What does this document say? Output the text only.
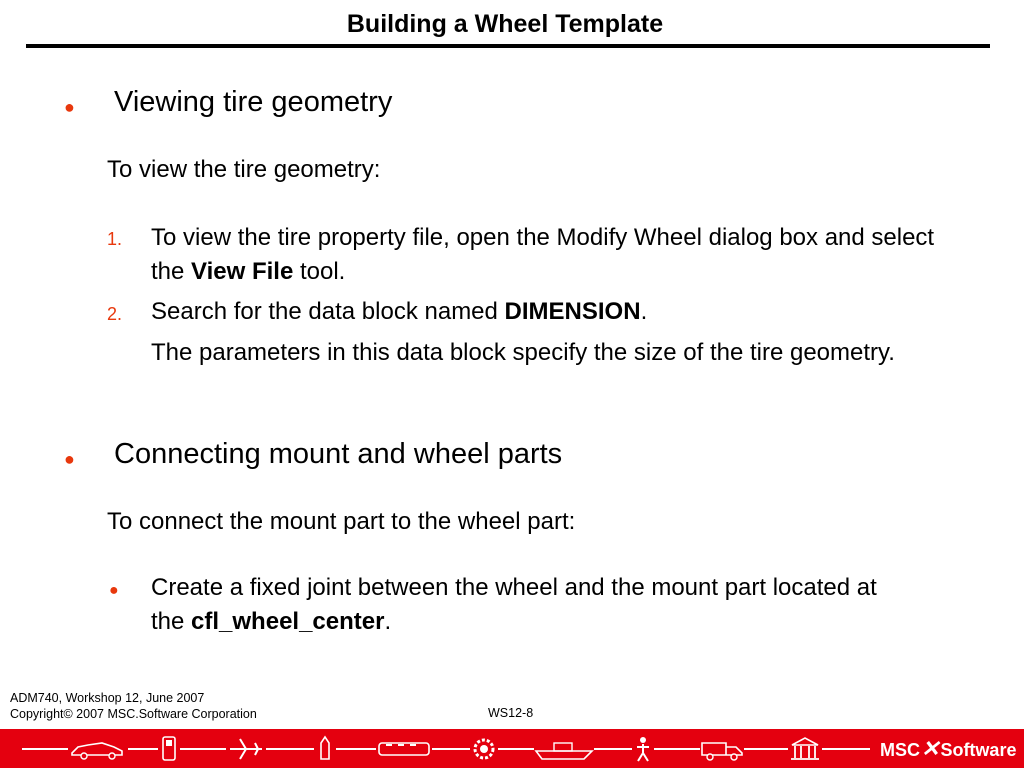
Building a Wheel Template
● Viewing tire geometry
To view the tire geometry:
1. To view the tire property file, open the Modify Wheel dialog box and select the View File tool.
2. Search for the data block named DIMENSION.
The parameters in this data block specify the size of the tire geometry.
● Connecting mount and wheel parts
To connect the mount part to the wheel part:
● Create a fixed joint between the wheel and the mount part located at the cfl_wheel_center.
ADM740, Workshop 12, June 2007
Copyright© 2007 MSC.Software Corporation	WS12-8
MSC✕Software
